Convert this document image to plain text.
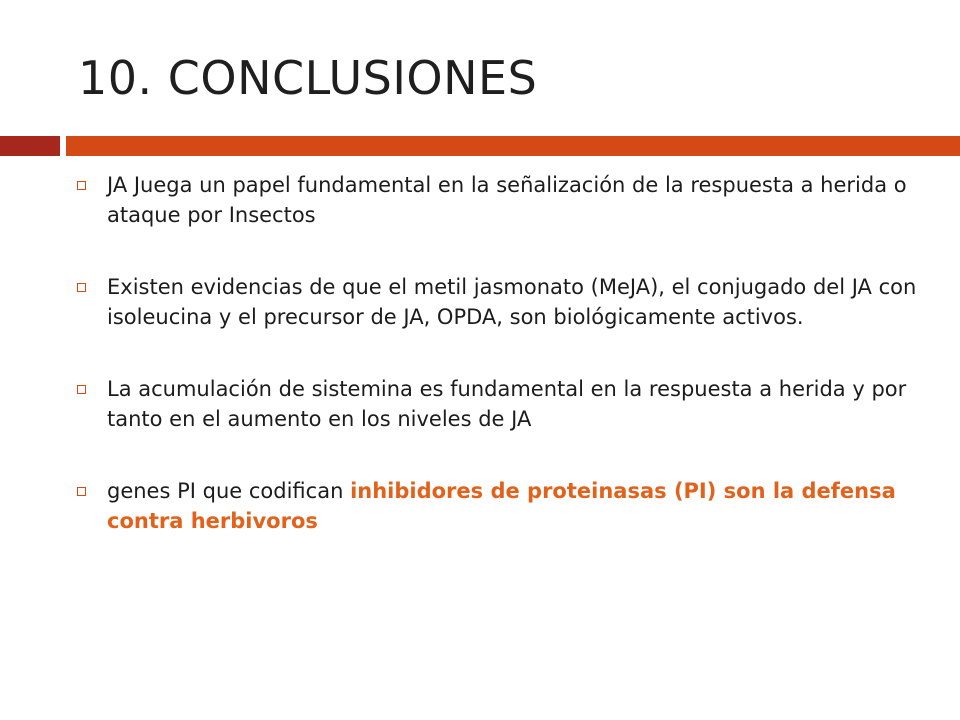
10. CONCLUSIONES
JA Juega un papel fundamental en la señalización de la respuesta a herida o ataque por Insectos
Existen evidencias de que el metil jasmonato (MeJA), el conjugado del JA con isoleucina y el precursor de JA, OPDA, son biológicamente activos.
La acumulación de sistemina es fundamental en la respuesta a herida y por tanto en el aumento en los niveles de JA
genes PI que codifican inhibidores de proteinasas (PI) son la defensa contra herbivoros
